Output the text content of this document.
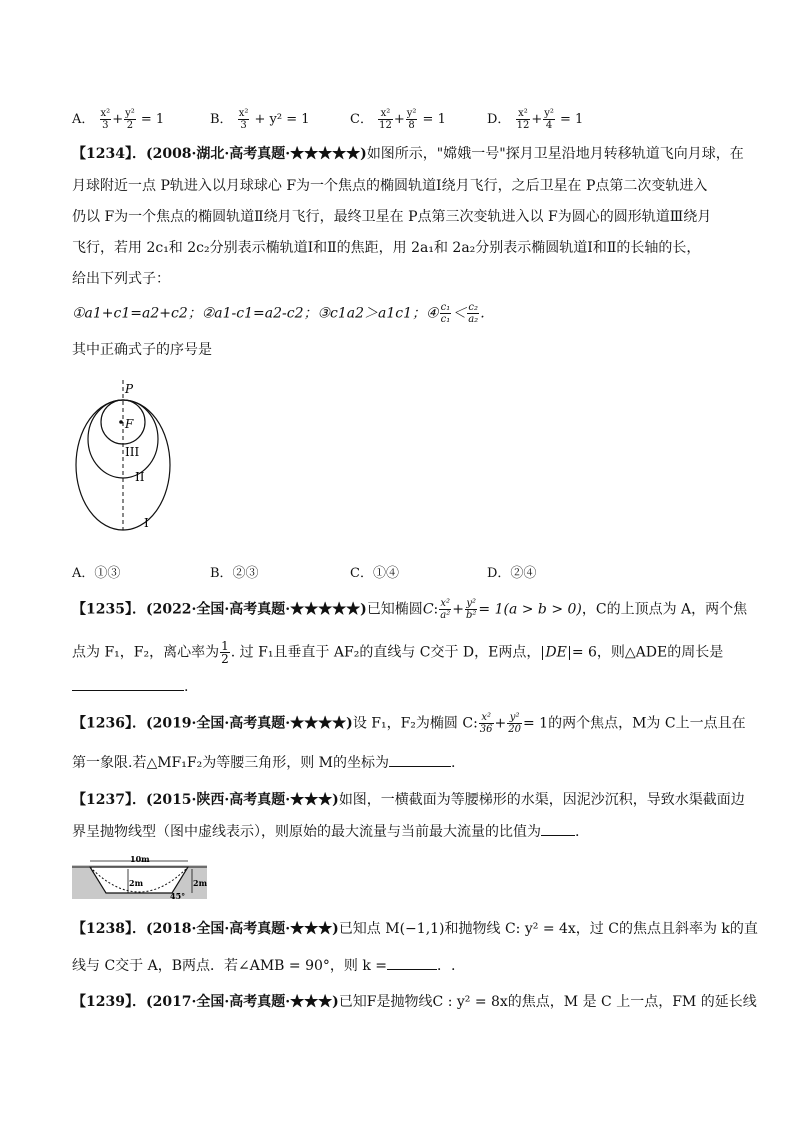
A． $\frac{\text{x²}}{3} + \frac{\text{y²}}{2} = 1$	B． $\frac{\text{x²}}{3} + y^2 = 1$	C． $\frac{\text{x²}}{12} + \frac{\text{y²}}{8} = 1$	D． $\frac{\text{x²}}{12} + \frac{\text{y²}}{4} = 1$
【1234】．(2008·湖北·高考真题·★★★★★)如图所示，"嫦娥一号"探月卫星沿地月转移轨道飞向月球，在
月球附近一点 P轨进入以月球球心 F为一个焦点的椭圆轨道Ⅰ绕月飞行，之后卫星在 P点第二次变轨进入
仍以 F为一个焦点的椭圆轨道Ⅱ绕月飞行，最终卫星在 P点第三次变轨进入以 F为圆心的圆形轨道Ⅲ绕月
飞行，若用 2c₁和 2c₂分别表示椭轨道Ⅰ和Ⅱ的焦距，用 2a₁和 2a₂分别表示椭圆轨道Ⅰ和Ⅱ的长轴的长，
给出下列式子：
①a1+c1=a2+c2；②a1-c1=a2-c2；③c1a2＞a1c1；④ $\frac{\text{c₁}}{\text{c₁}} < \frac{\text{c₂}}{\text{a₂}}$ .
其中正确式子的序号是
P
F
III
II
I
A．①③	B．②③	C．①④	D．②④
【1235】．(2022·全国·高考真题·★★★★★)已知椭圆C: $\frac{\text{x²}}{\text{a²}} + \frac{\text{y²}}{\text{b²}} = 1(a > b > 0)$，C的上顶点为 A，两个焦
点为 F₁，F₂，离心率为 $\frac{1}{2}$ . 过 F₁且垂直于 AF₂的直线与 C交于 D，E两点， DE = 6，则△ADE的周长是
.
【1236】．(2019·全国·高考真题·★★★★)设 F₁，F₂为椭圆 C: $\frac{\text{x²}}{36} + \frac{\text{y²}}{20} = 1$的两个焦点，M为 C上一点且在
第一象限.若△MF₁F₂为等腰三角形，则 M的坐标为	.
【1237】．(2015·陕西·高考真题·★★★)如图，一横截面为等腰梯形的水渠，因泥沙沉积，导致水渠截面边
界呈抛物线型（图中虚线表示），则原始的最大流量与当前最大流量的比值为 .
10m
2m	2m
45°
【1238】．(2018·全国·高考真题·★★★)已知点 M(−1,1)和抛物线 C: y² = 4x，过 C的焦点且斜率为 k的直
线与 C交于 A，B两点．若∠AMB = 90°，则 k =	．.
【1239】．(2017·全国·高考真题·★★★)已知F是抛物线C : y² = 8x的焦点，M 是 C 上一点，FM 的延长线
